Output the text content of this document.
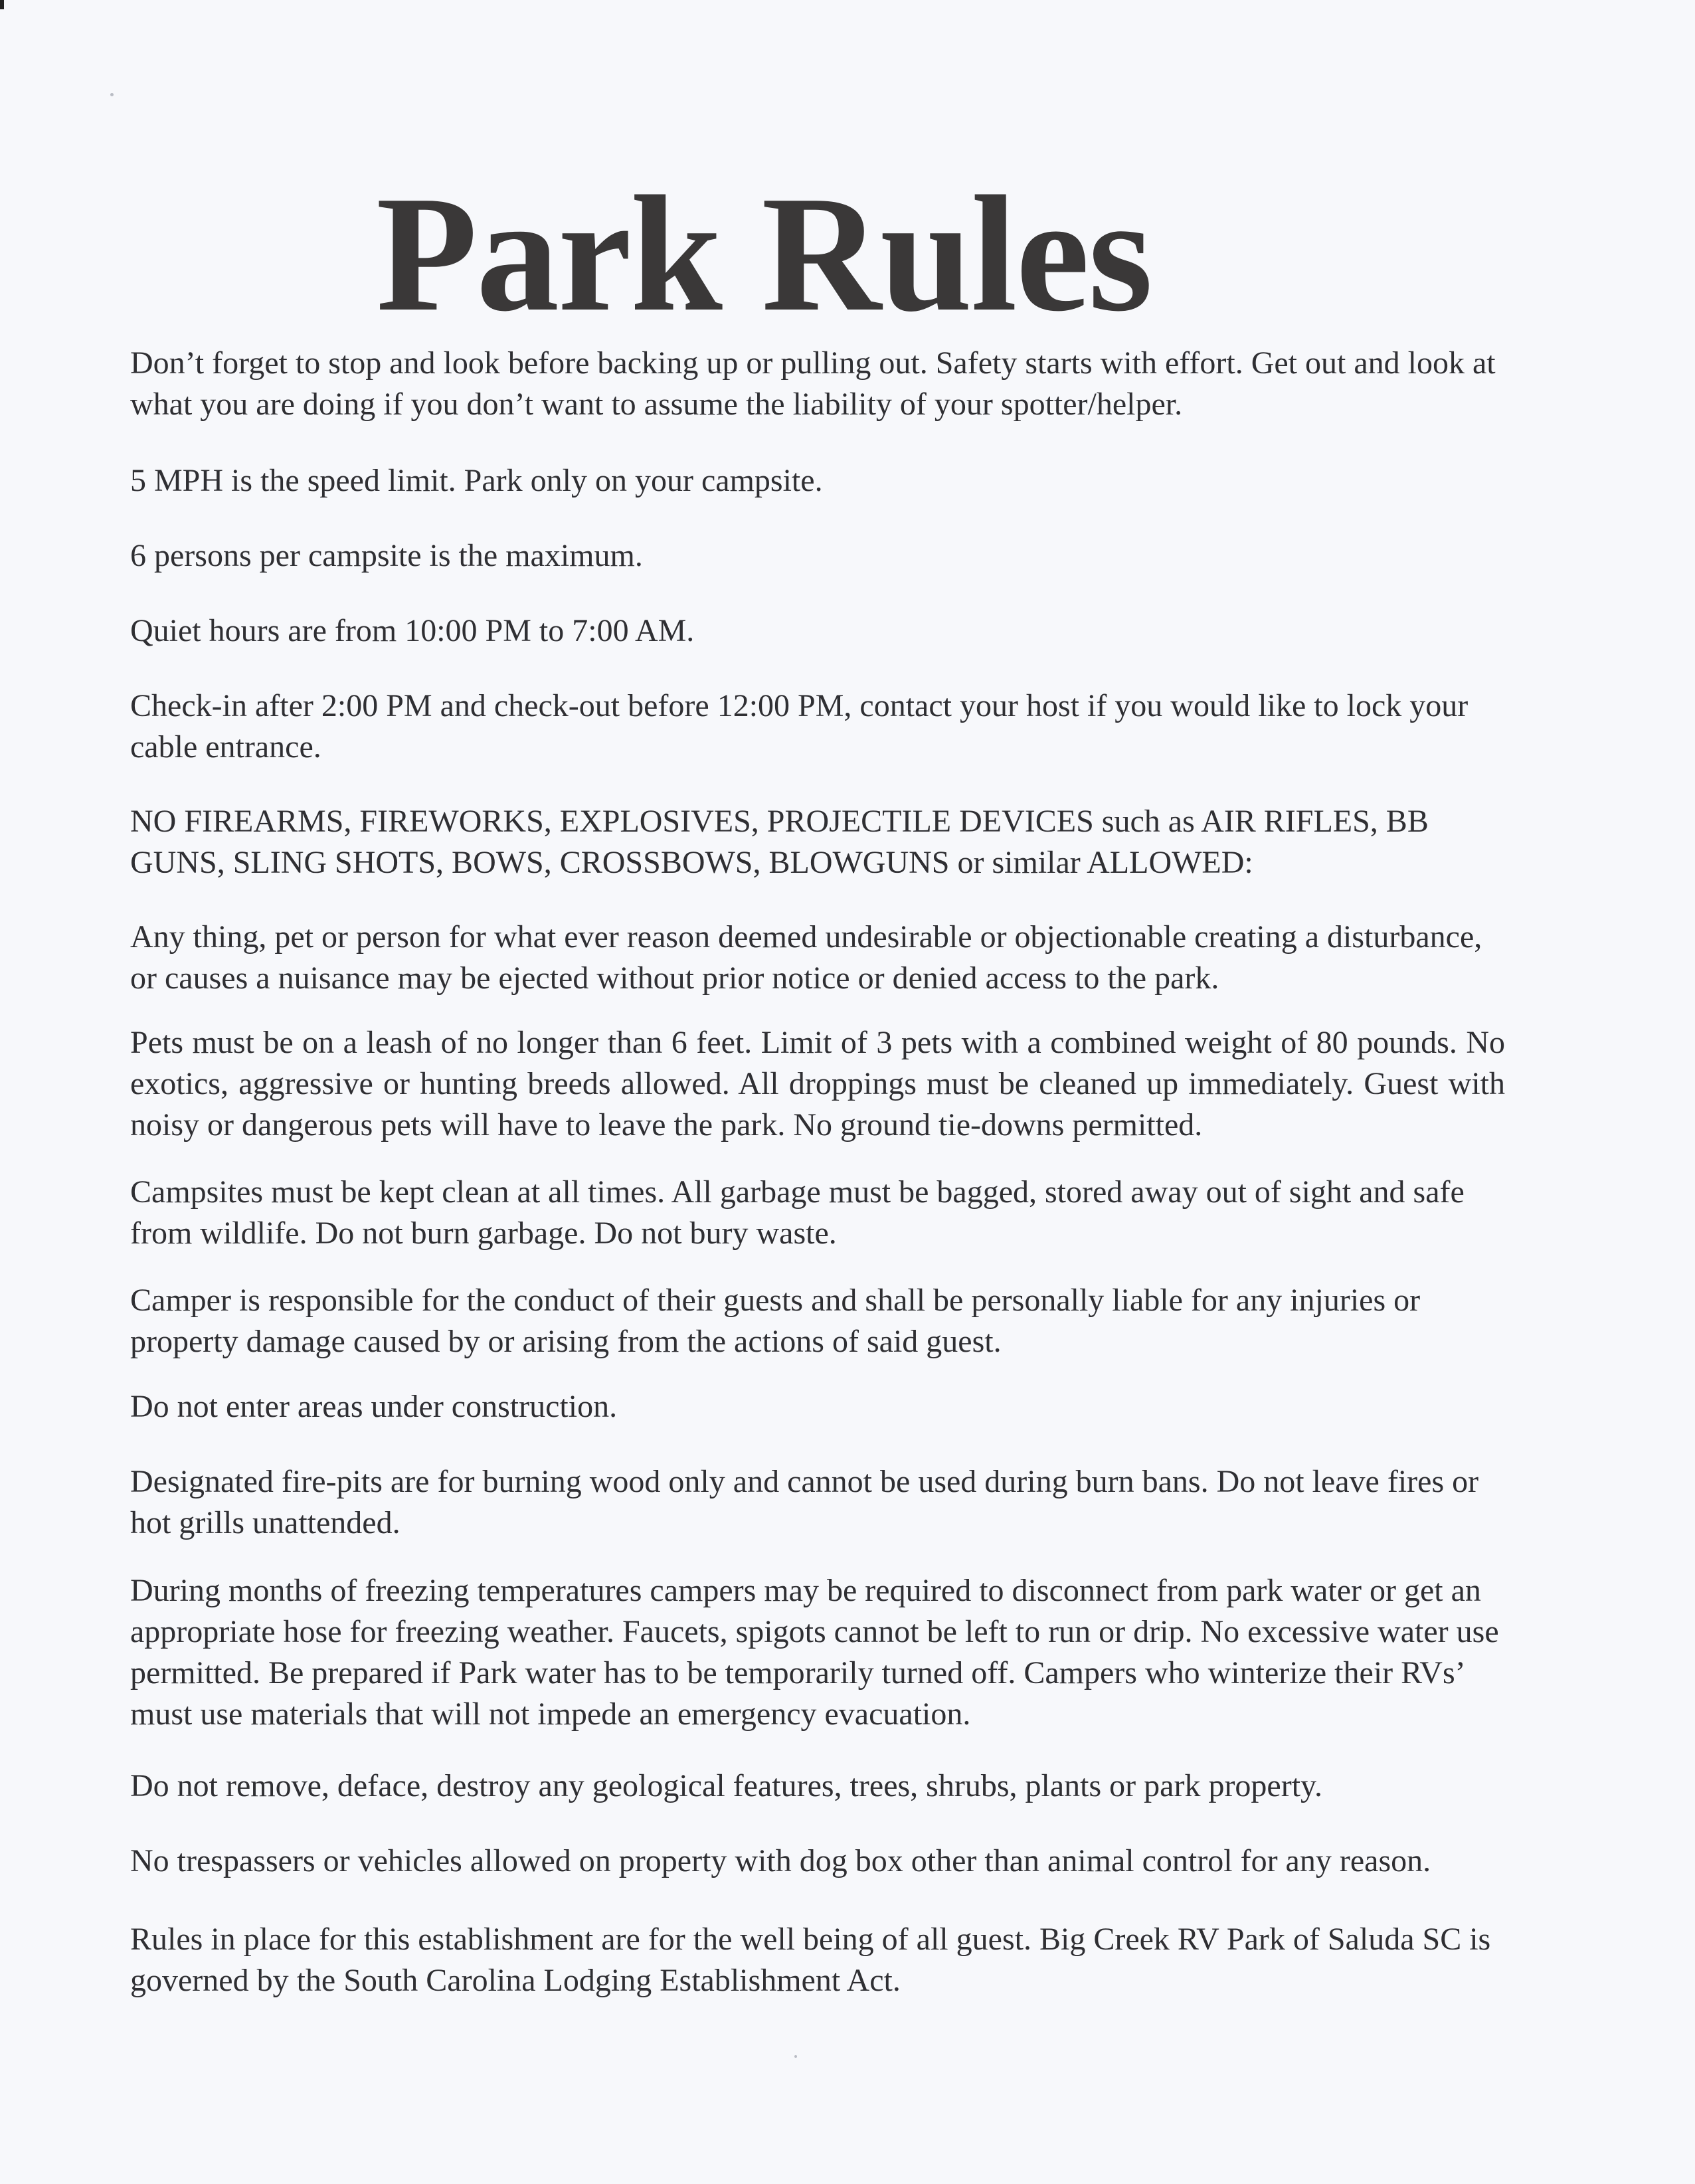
Park Rules

Don’t forget to stop and look before backing up or pulling out. Safety starts with effort. Get out and look at what you are doing if you don’t want to assume the liability of your spotter/helper.

5 MPH is the speed limit. Park only on your campsite.

6 persons per campsite is the maximum.

Quiet hours are from 10:00 PM to 7:00 AM.

Check-in after 2:00 PM and check-out before 12:00 PM, contact your host if you would like to lock your cable entrance.

NO FIREARMS, FIREWORKS, EXPLOSIVES, PROJECTILE DEVICES such as AIR RIFLES, BB GUNS, SLING SHOTS, BOWS, CROSSBOWS, BLOWGUNS or similar ALLOWED:

Any thing, pet or person for what ever reason deemed undesirable or objectionable creating a disturbance, or causes a nuisance may be ejected without prior notice or denied access to the park.

Pets must be on a leash of no longer than 6 feet. Limit of 3 pets with a combined weight of 80 pounds. No exotics, aggressive or hunting breeds allowed. All droppings must be cleaned up immediately. Guest with noisy or dangerous pets will have to leave the park. No ground tie-downs permitted.

Campsites must be kept clean at all times. All garbage must be bagged, stored away out of sight and safe from wildlife. Do not burn garbage. Do not bury waste.

Camper is responsible for the conduct of their guests and shall be personally liable for any injuries or property damage caused by or arising from the actions of said guest.

Do not enter areas under construction.

Designated fire-pits are for burning wood only and cannot be used during burn bans. Do not leave fires or hot grills unattended.

During months of freezing temperatures campers may be required to disconnect from park water or get an appropriate hose for freezing weather. Faucets, spigots cannot be left to run or drip. No excessive water use permitted. Be prepared if Park water has to be temporarily turned off. Campers who winterize their RVs’ must use materials that will not impede an emergency evacuation.

Do not remove, deface, destroy any geological features, trees, shrubs, plants or park property.

No trespassers or vehicles allowed on property with dog box other than animal control for any reason.

Rules in place for this establishment are for the well being of all guest. Big Creek RV Park of Saluda SC is governed by the South Carolina Lodging Establishment Act.
